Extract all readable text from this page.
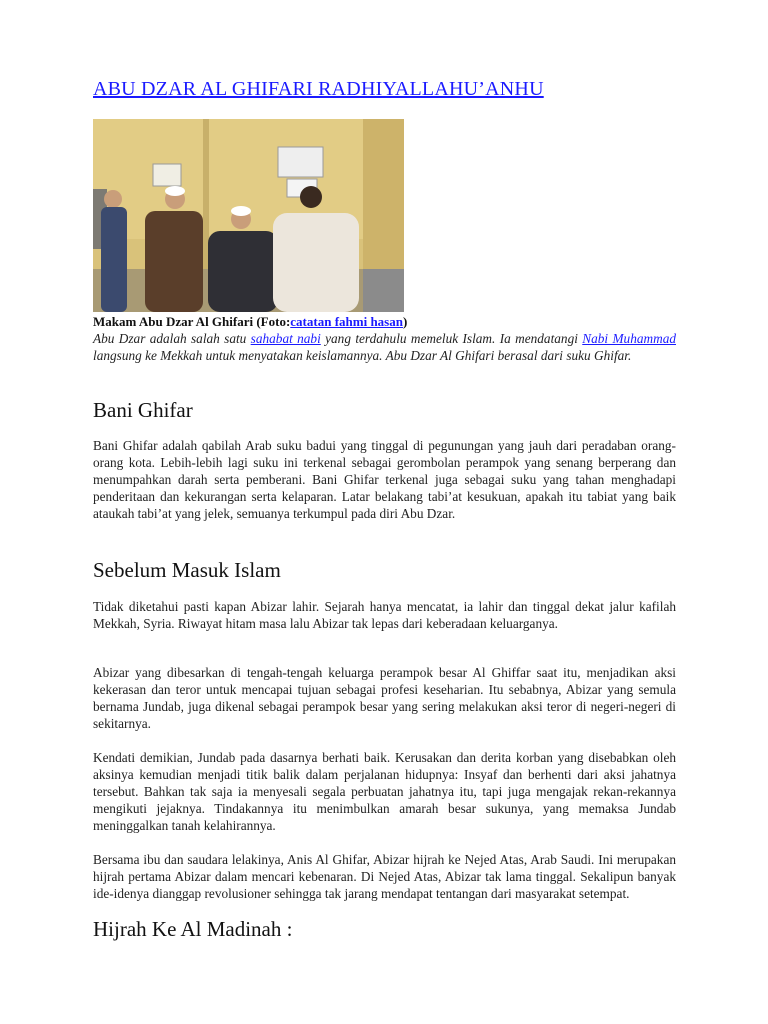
ABU DZAR AL GHIFARI RADHIYALLAHU’ANHU
Makam Abu Dzar Al Ghifari (Foto:catatan fahmi hasan)
Abu Dzar adalah salah satu sahabat nabi yang terdahulu memeluk Islam. Ia mendatangi Nabi Muhammad langsung ke Mekkah untuk menyatakan keislamannya. Abu Dzar Al Ghifari berasal dari suku Ghifar.
Bani Ghifar

Bani Ghifar adalah qabilah Arab suku badui yang tinggal di pegunungan yang jauh dari peradaban orang-orang kota. Lebih-lebih lagi suku ini terkenal sebagai gerombolan perampok yang senang berperang dan menumpahkan darah serta pemberani. Bani Ghifar terkenal juga sebagai suku yang tahan menghadapi penderitaan dan kekurangan serta kelaparan. Latar belakang tabi’at kesukuan, apakah itu tabiat yang baik ataukah tabi’at yang jelek, semuanya terkumpul pada diri Abu Dzar.

Sebelum Masuk Islam

Tidak diketahui pasti kapan Abizar lahir. Sejarah hanya mencatat, ia lahir dan tinggal dekat jalur kafilah Mekkah, Syria. Riwayat hitam masa lalu Abizar tak lepas dari keberadaan keluarganya.

Abizar yang dibesarkan di tengah-tengah keluarga perampok besar Al Ghiffar saat itu, menjadikan aksi kekerasan dan teror untuk mencapai tujuan sebagai profesi keseharian. Itu sebabnya, Abizar yang semula bernama Jundab, juga dikenal sebagai perampok besar yang sering melakukan aksi teror di negeri-negeri di sekitarnya.

Kendati demikian, Jundab pada dasarnya berhati baik. Kerusakan dan derita korban yang disebabkan oleh aksinya kemudian menjadi titik balik dalam perjalanan hidupnya: Insyaf dan berhenti dari aksi jahatnya tersebut. Bahkan tak saja ia menyesali segala perbuatan jahatnya itu, tapi juga mengajak rekan-rekannya mengikuti jejaknya. Tindakannya itu menimbulkan amarah besar sukunya, yang memaksa Jundab meninggalkan tanah kelahirannya.

Bersama ibu dan saudara lelakinya, Anis Al Ghifar, Abizar hijrah ke Nejed Atas, Arab Saudi. Ini merupakan hijrah pertama Abizar dalam mencari kebenaran. Di Nejed Atas, Abizar tak lama tinggal. Sekalipun banyak ide-idenya dianggap revolusioner sehingga tak jarang mendapat tentangan dari masyarakat setempat.

Hijrah Ke Al Madinah :
